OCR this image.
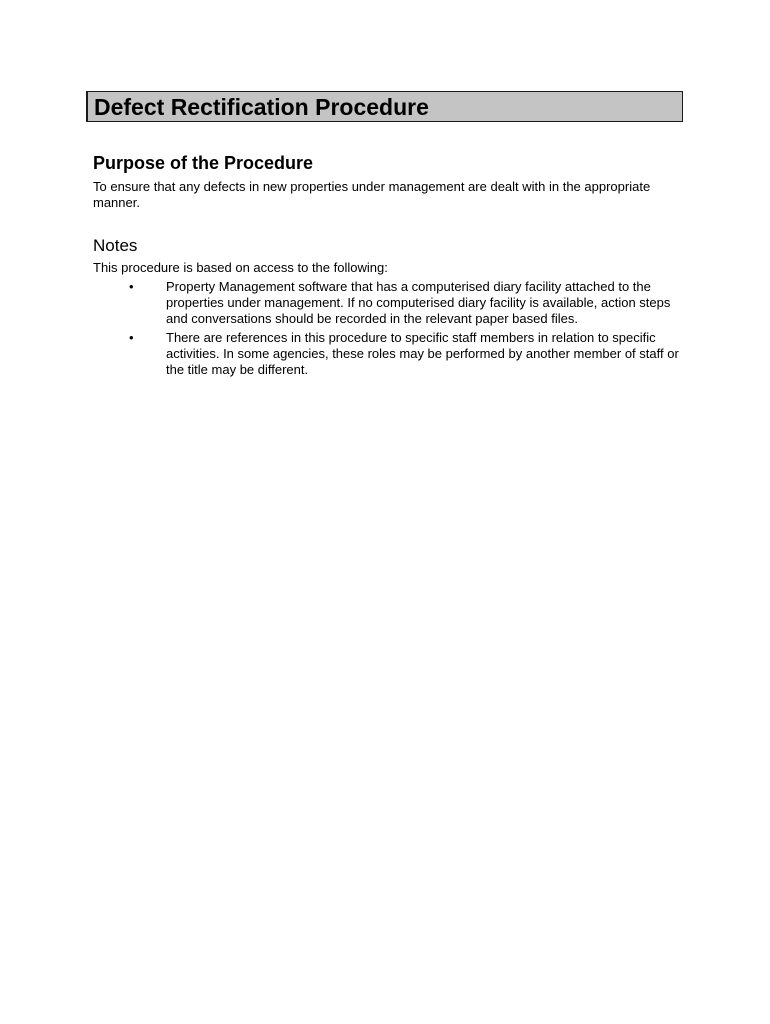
Defect Rectification Procedure
Purpose of the Procedure
To ensure that any defects in new properties under management are dealt with in the appropriate manner.
Notes
This procedure is based on access to the following:
• Property Management software that has a computerised diary facility attached to the properties under management. If no computerised diary facility is available, action steps and conversations should be recorded in the relevant paper based files.
• There are references in this procedure to specific staff members in relation to specific activities. In some agencies, these roles may be performed by another member of staff or the title may be different.
